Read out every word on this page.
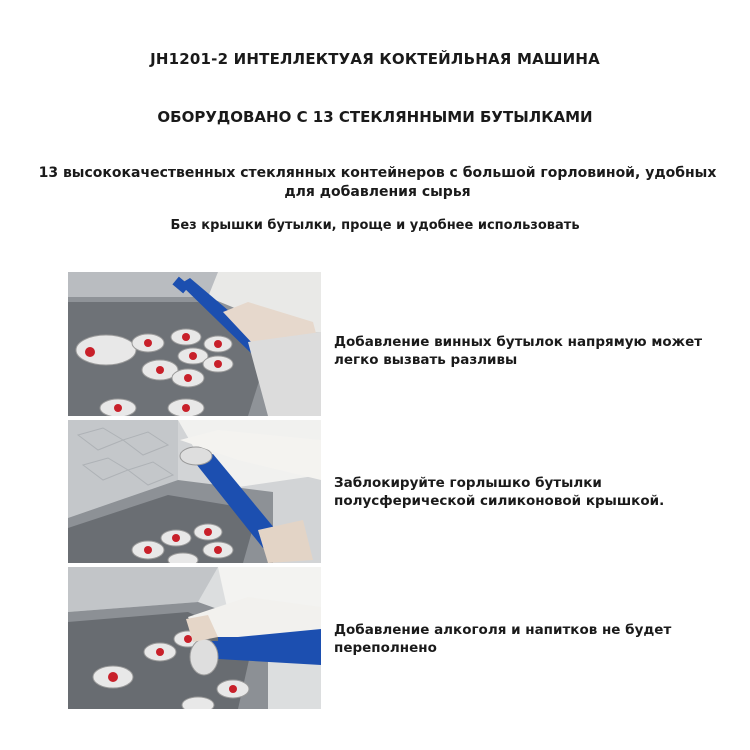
JH1201-2 ИНТЕЛЛЕКТУАЯ КОКТЕЙЛЬНАЯ МАШИНА
ОБОРУДОВАНО С 13 СТЕКЛЯННЫМИ БУТЫЛКАМИ
13 высококачественных стеклянных контейнеров с большой горловиной, удобных для добавления сырья
Без крышки бутылки, проще и удобнее использовать
Добавление винных бутылок напрямую может легко вызвать разливы
Заблокируйте горлышко бутылки полусферической силиконовой крышкой.
Добавление алкоголя и напитков не будет переполнено
